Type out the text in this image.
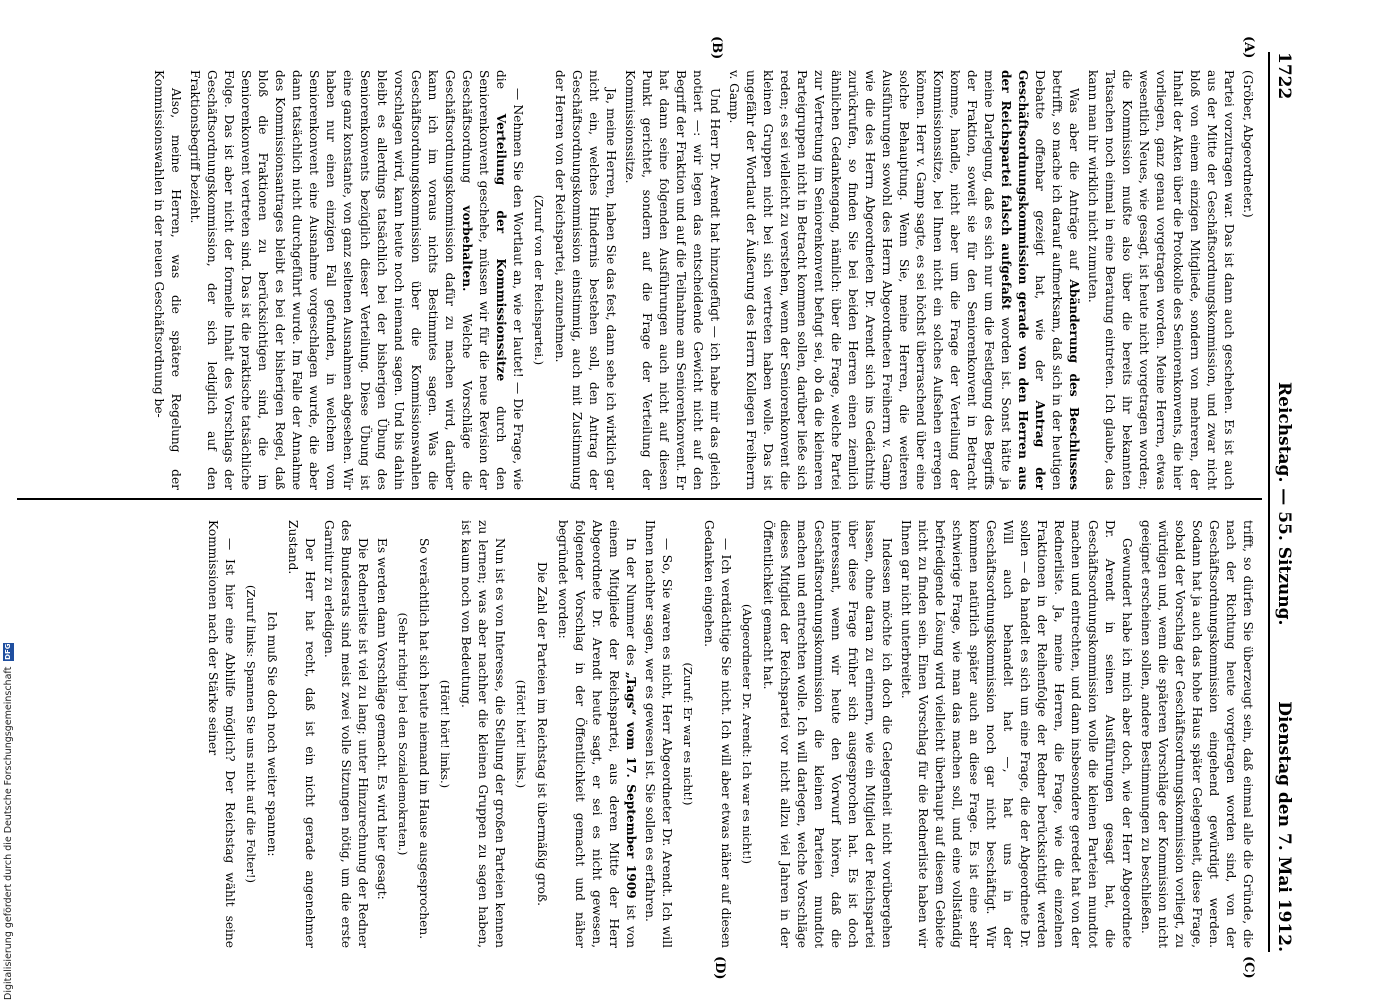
1722
Reichstag. — 55. Sitzung.
Dienstag den 7. Mai 1912.
(A)
(B)
(C)
(D)

(Gröber, Abgeordneter.)

Partei vorzutragen war. Das ist dann auch geschehen. Es ist auch aus der Mitte der Geschäftsordnungskommission, und zwar nicht bloß von einem einzigen Mitgliede, sondern von mehreren, der Inhalt der Akten über die Protokolle des Seniorenkonvents, die hier vorliegen, ganz genau vorgetragen worden. Meine Herren, etwas wesentlich Neues, wie gesagt, ist heute nicht vorgetragen worden; die Kommission mußte also über die bereits ihr bekannten Tatsachen noch einmal in eine Beratung eintreten. Ich glaube, das kann man ihr wirklich nicht zumuten.

Was aber die Anträge auf Abänderung des Beschlusses betrifft, so mache ich darauf aufmerksam, daß sich in der heutigen Debatte offenbar gezeigt hat, wie der Antrag der Geschäftsordnungskommission gerade von den Herren aus der Reichspartei falsch aufgefaßt worden ist. Sonst hätte ja meine Darlegung, daß es sich nur um die Festlegung des Begriffs der Fraktion, soweit sie für den Seniorenkonvent in Betracht komme, handle, nicht aber um die Frage der Verteilung der Kommissionssitze, bei Ihnen nicht ein solches Aufsehen erregen können. Herr v. Gamp sagte, es sei höchst überraschend über eine solche Behauptung. Wenn Sie, meine Herren, die weiteren Ausführungen sowohl des Herrn Abgeordneten Freiherrn v. Gamp wie die des Herrn Abgeordneten Dr. Arendt sich ins Gedächtnis zurückrufen, so finden Sie bei beiden Herren einen ziemlich ähnlichen Gedankengang, nämlich: über die Frage, welche Partei zur Vertretung im Seniorenkonvent befugt sei, ob da die kleineren Parteigruppen nicht in Betracht kommen sollen, darüber ließe sich reden; es sei vielleicht zu verstehen, wenn der Seniorenkonvent die kleinen Gruppen nicht bei sich vertreten haben wolle. Das ist ungefähr der Wortlaut der Äußerung des Herrn Kollegen Freiherrn v. Gamp.

Und Herr Dr. Arendt hat hinzugefügt — ich habe mir das gleich notiert —: wir legen das entscheidende Gewicht nicht auf den Begriff der Fraktion und auf die Teilnahme am Seniorenkonvent. Er hat dann seine folgenden Ausführungen auch nicht auf diesen Punkt gerichtet, sondern auf die Frage der Verteilung der Kommissionssitze.

Ja, meine Herren, haben Sie das fest, dann sehe ich wirklich gar nicht ein, welches Hindernis bestehen soll, den Antrag der Geschäftsordnungskommission einstimmig, auch mit Zustimmung der Herren von der Reichspartei, anzunehmen.

(Zuruf von der Reichspartei.)

— Nehmen Sie den Wortlaut an, wie er lautet! — Die Frage, wie die Verteilung der Kommissionssitze durch den Seniorenkonvent geschehe, müssen wir für die neue Revision der Geschäftsordnung vorbehalten. Welche Vorschläge die Geschäftsordnungskommission dafür zu machen wird, darüber kann ich im voraus nichts Bestimmtes sagen. Was die Geschäftsordnungskommission über die Kommissionswahlen vorschlagen wird, kann heute noch niemand sagen. Und bis dahin bleibt es allerdings tatsächlich bei der bisherigen Übung des Seniorenkonvents bezüglich dieser Verteilung. Diese Übung ist eine ganz konstante, von ganz seltenen Ausnahmen abgesehen. Wir haben nur einen einzigen Fall gefunden, in welchem vom Seniorenkonvent eine Ausnahme vorgeschlagen wurde, die aber dann tatsächlich nicht durchgeführt wurde. Im Falle der Annahme des Kommissionsantrages bleibt es bei der bisherigen Regel, daß bloß die Fraktionen zu berücksichtigen sind, die im Seniorenkonvent vertreten sind. Das ist die praktische tatsächliche Folge. Das ist aber nicht der formelle Inhalt des Vorschlags der Geschäftsordnungskommission, der sich lediglich auf den Fraktionsbegriff bezieht.

Also, meine Herren, was die spätere Regelung der Kommissionswahlen in der neuen Geschäftsordnung be-

trifft, so dürfen Sie überzeugt sein, daß einmal alle die Gründe, die nach der Richtung heute vorgetragen worden sind, von der Geschäftsordnungskommission eingehend gewürdigt werden. Sodann hat ja auch das hohe Haus später Gelegenheit, diese Frage, sobald der Vorschlag der Geschäftsordnungskommission vorliegt, zu würdigen und, wenn die späteren Vorschläge der Kommission nicht geeignet erscheinen sollen, andere Bestimmungen zu beschließen.

Gewundert habe ich mich aber doch, wie der Herr Abgeordnete Dr. Arendt in seinen Ausführungen gesagt hat, die Geschäftsordnungskommission wolle die kleinen Parteien mundtot machen und entrechten, und dann insbesondere geredet hat von der Rednerliste. Ja, meine Herren, die Frage, wie die einzelnen Fraktionen in der Reihenfolge der Redner berücksichtigt werden sollen — da handelt es sich um eine Frage, die der Abgeordnete Dr. Will auch behandelt hat —, hat uns in der Geschäftsordnungskommission noch gar nicht beschäftigt. Wir kommen natürlich später auch an diese Frage. Es ist eine sehr schwierige Frage, wie man das machen soll, und eine vollständig befriedigende Lösung wird vielleicht überhaupt auf diesem Gebiete nicht zu finden sein. Einen Vorschlag für die Rednerliste haben wir Ihnen gar nicht unterbreitet.

Indessen möchte ich doch die Gelegenheit nicht vorübergehen lassen, ohne daran zu erinnern, wie ein Mitglied der Reichspartei über diese Frage früher sich ausgesprochen hat. Es ist doch interessant, wenn wir heute den Vorwurf hören, daß die Geschäftsordnungskommission die kleinen Parteien mundtot machen und entrechten wolle. Ich will darlegen, welche Vorschläge dieses Mitglied der Reichspartei vor nicht allzu viel Jahren in der Öffentlichkeit gemacht hat.

(Abgeordneter Dr. Arendt: Ich war es nicht!)

— Ich verdächtige Sie nicht. Ich will aber etwas näher auf diesen Gedanken eingehen.

(Zuruf: Er war es nicht!)

— So, Sie waren es nicht, Herr Abgeordneter Dr. Arendt. Ich will Ihnen nachher sagen, wer es gewesen ist. Sie sollen es erfahren.

In der Nummer des „Tags“ vom 17. September 1909 ist von einem Mitgliede der Reichspartei, aus deren Mitte der Herr Abgeordnete Dr. Arendt heute sagt, er sei es nicht gewesen, folgender Vorschlag in der Öffentlichkeit gemacht und näher begründet worden:

Die Zahl der Parteien im Reichstag ist übermäßig groß.

(Hört! hört! links.)

Nun ist es von Interesse, die Stellung der großen Parteien kennen zu lernen; was aber nachher die kleinen Gruppen zu sagen haben, ist kaum noch von Bedeutung.

(Hört! hört! links.)

So verächtlich hat sich heute niemand im Hause ausgesprochen.

(Sehr richtig! bei den Sozialdemokraten.)

Es werden dann Vorschläge gemacht. Es wird hier gesagt:

Die Rednerliste ist viel zu lang; unter Hinzurechnung der Redner des Bundesrats sind meist zwei volle Sitzungen nötig, um die erste Garnitur zu erledigen.

Der Herr hat recht, daß ist ein nicht gerade angenehmer Zustand.

Ich muß Sie doch noch weiter spannen:

(Zuruf links: Spannen Sie uns nicht auf die Folter!)

— Ist hier eine Abhilfe möglich? Der Reichstag wählt seine Kommissionen nach der Stärke seiner

Digitalisierung gefördert durch die Deutsche Forschungsgemeinschaft
DFG
